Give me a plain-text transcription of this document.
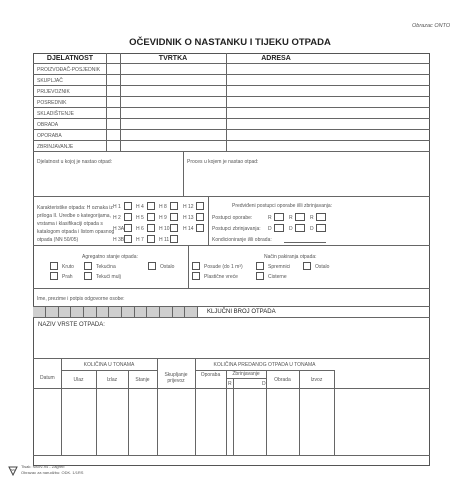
Obrazac ONTO
OČEVIDNIK O NASTANKU I TIJEKU OTPADA
DJELATNOST	TVRTKA	ADRESA
PROIZVOĐAČ-POSJEDNIK
SKUPLJAČ
PRIJEVOZNIK
POSREDNIK
SKLADIŠTENJE
OBRADA
OPORABA
ZBRINJAVANJE
Djelatnost u kojoj je nastao otpad:	Proces u kojem je nastao otpad:
Karakteristike otpada: H oznaka iz
priloga II. Uredbe o kategorijama,
vrstama i klasifikaciji otpada s
katalogom otpada i listom opasnog
otpada (NN 50/05)
H 1	H 4	H 8	H 12
H 2	H 5	H 9	H 13
H 3A H 6	H 10	H 14
H 3B H 7	H 11
Predviđeni postupci oporabe i/ili zbrinjavanja:
Postupci oporabe:	R	R	R
Postupci zbrinjavanja: D	D	D
Kondicioniranje i/ili obrada:
Agregatno stanje otpada:
Kruto	Tekućina	Ostalo
Prah	Tekući mulj
Način pakiranja otpada:
Posude (do 1 m³)	Spremnici	Ostalo
Plastične vreće	Cisterne
Ime, prezime i potpis odgovorne osobe:
KLJUČNI BROJ OTPADA
NAZIV VRSTE OTPADA:
Datum
KOLIČINA U TONAMA
Ulaz	Izlaz	Stanje
Skupljanje prijevoz
KOLIČINA PREDANOG OTPADA U TONAMA
Oporaba	Zbrinjavanje
R	D
Obrada	Izvoz
NN
Tisak: NMIV-94 - Zagreb
Obrazac za narudžbu: ODK. 1/1RS
